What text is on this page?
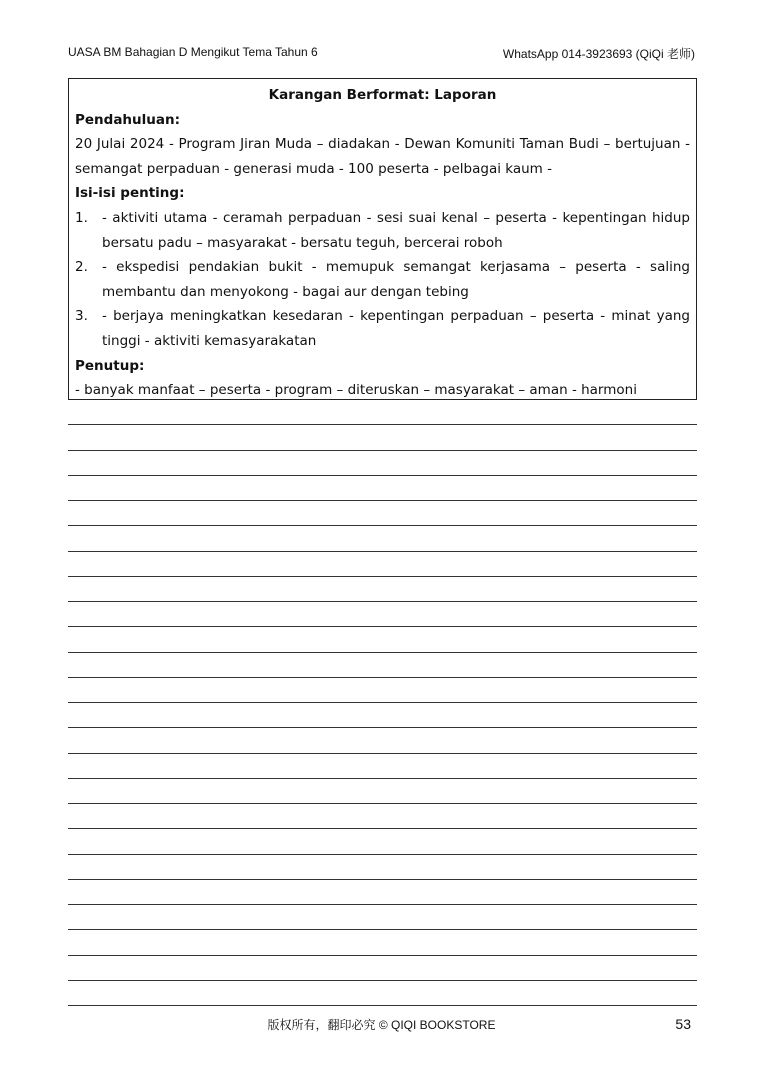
UASA BM Bahagian D Mengikut Tema Tahun 6	WhatsApp 014-3923693 (QiQi 老师)
Karangan Berformat: Laporan
Pendahuluan:
20 Julai 2024 - Program Jiran Muda – diadakan - Dewan Komuniti Taman Budi – bertujuan - semangat perpaduan - generasi muda - 100 peserta - pelbagai kaum -
Isi-isi penting:
1.	- aktiviti utama - ceramah perpaduan - sesi suai kenal – peserta - kepentingan hidup bersatu padu – masyarakat - bersatu teguh, bercerai roboh
2.	- ekspedisi pendakian bukit - memupuk semangat kerjasama – peserta - saling membantu dan menyokong - bagai aur dengan tebing
3.	- berjaya meningkatkan kesedaran - kepentingan perpaduan – peserta - minat yang tinggi - aktiviti kemasyarakatan
Penutup:
- banyak manfaat – peserta - program – diteruskan – masyarakat – aman - harmoni
版权所有，翻印必究 © QIQI BOOKSTORE	53
